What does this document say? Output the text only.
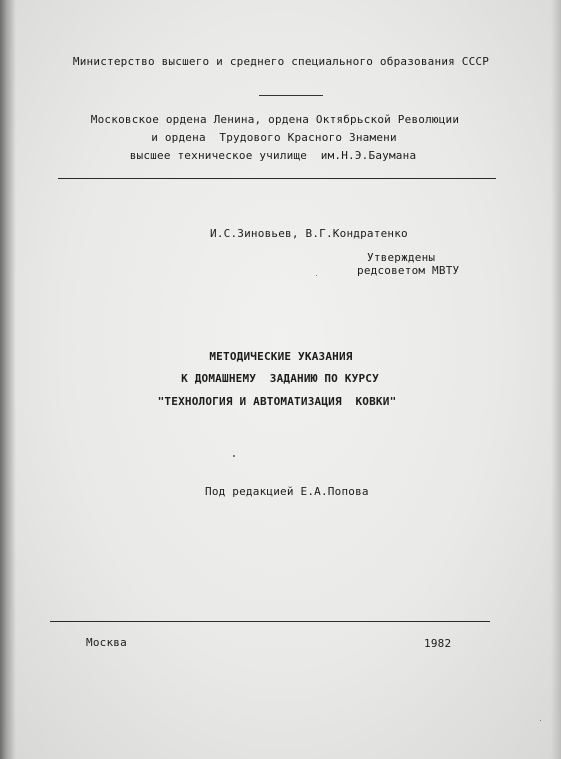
Министерство высшего и среднего специального образования СССР
Московское ордена Ленина, ордена Октябрьской Революции
и ордена  Трудового Красного Знамени
высшее техническое училище  им.Н.Э.Баумана
И.С.Зиновьев, В.Г.Кондратенко
Утверждены
редсоветом МВТУ
МЕТОДИЧЕСКИЕ УКАЗАНИЯ
К ДОМАШНЕМУ  ЗАДАНИЮ ПО КУРСУ
"ТЕХНОЛОГИЯ И АВТОМАТИЗАЦИЯ  КОВКИ"
Под редакцией Е.А.Попова
Москва	1982
